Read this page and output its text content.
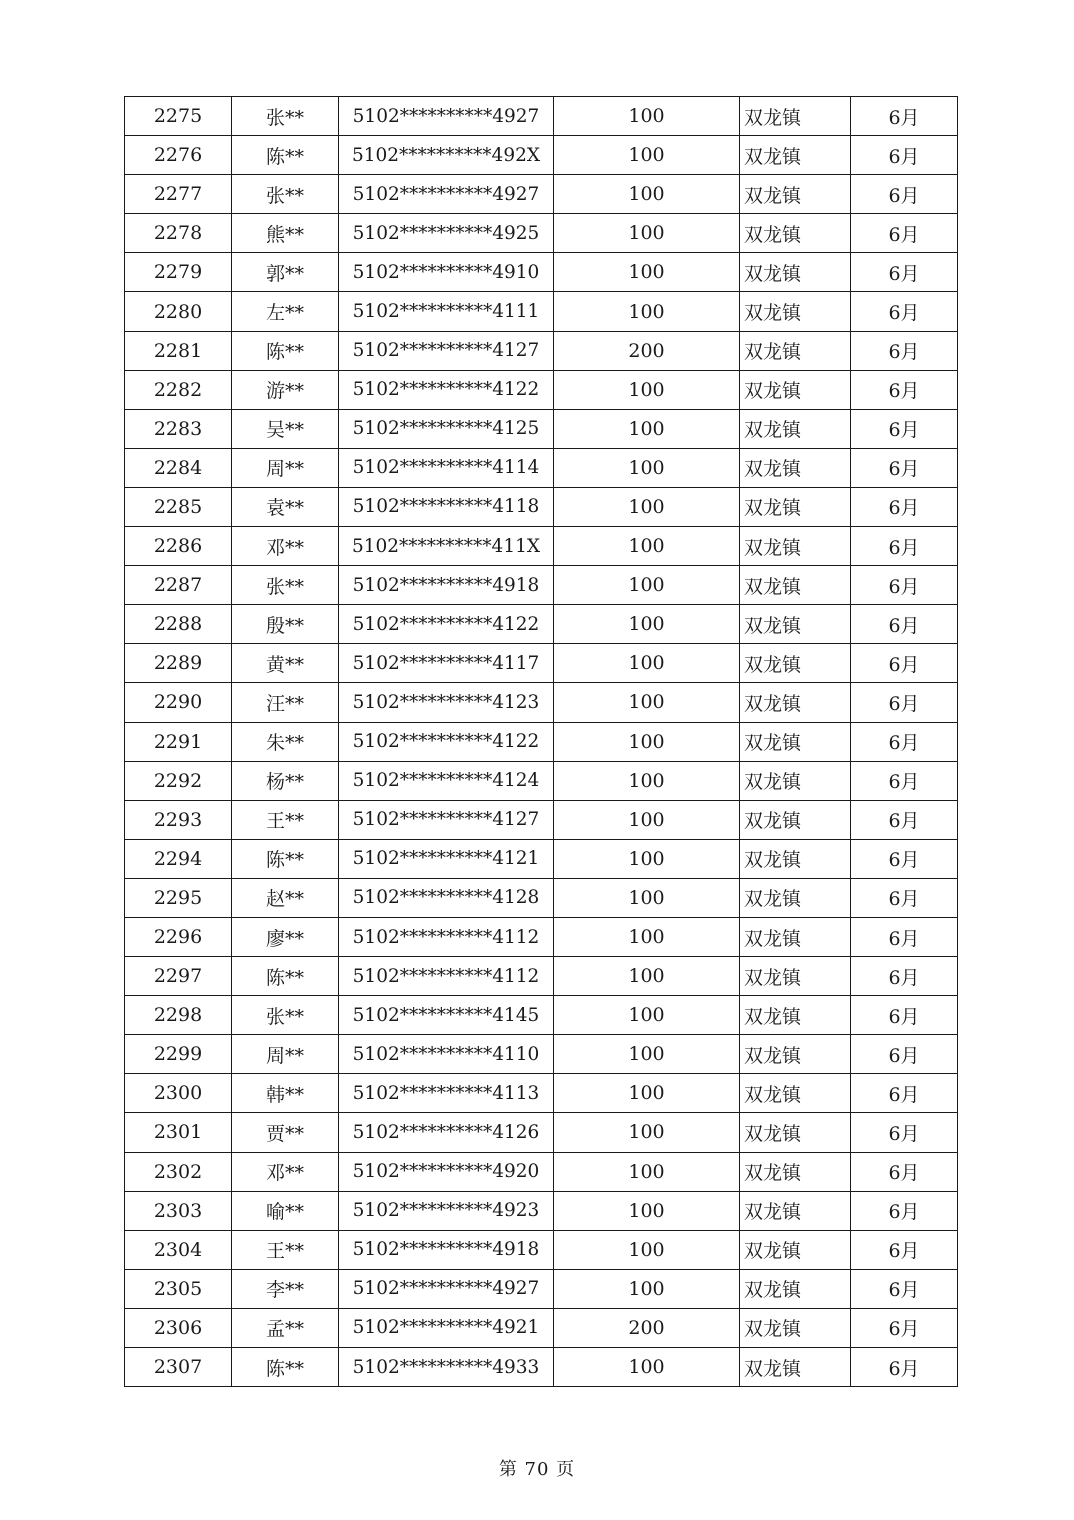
2275	张**	5102**********4927	100	双龙镇	6月
2276	陈**	5102**********492X	100	双龙镇	6月
2277	张**	5102**********4927	100	双龙镇	6月
2278	熊**	5102**********4925	100	双龙镇	6月
2279	郭**	5102**********4910	100	双龙镇	6月
2280	左**	5102**********4111	100	双龙镇	6月
2281	陈**	5102**********4127	200	双龙镇	6月
2282	游**	5102**********4122	100	双龙镇	6月
2283	吴**	5102**********4125	100	双龙镇	6月
2284	周**	5102**********4114	100	双龙镇	6月
2285	袁**	5102**********4118	100	双龙镇	6月
2286	邓**	5102**********411X	100	双龙镇	6月
2287	张**	5102**********4918	100	双龙镇	6月
2288	殷**	5102**********4122	100	双龙镇	6月
2289	黄**	5102**********4117	100	双龙镇	6月
2290	汪**	5102**********4123	100	双龙镇	6月
2291	朱**	5102**********4122	100	双龙镇	6月
2292	杨**	5102**********4124	100	双龙镇	6月
2293	王**	5102**********4127	100	双龙镇	6月
2294	陈**	5102**********4121	100	双龙镇	6月
2295	赵**	5102**********4128	100	双龙镇	6月
2296	廖**	5102**********4112	100	双龙镇	6月
2297	陈**	5102**********4112	100	双龙镇	6月
2298	张**	5102**********4145	100	双龙镇	6月
2299	周**	5102**********4110	100	双龙镇	6月
2300	韩**	5102**********4113	100	双龙镇	6月
2301	贾**	5102**********4126	100	双龙镇	6月
2302	邓**	5102**********4920	100	双龙镇	6月
2303	喻**	5102**********4923	100	双龙镇	6月
2304	王**	5102**********4918	100	双龙镇	6月
2305	李**	5102**********4927	100	双龙镇	6月
2306	孟**	5102**********4921	200	双龙镇	6月
2307	陈**	5102**********4933	100	双龙镇	6月
第 70 页
